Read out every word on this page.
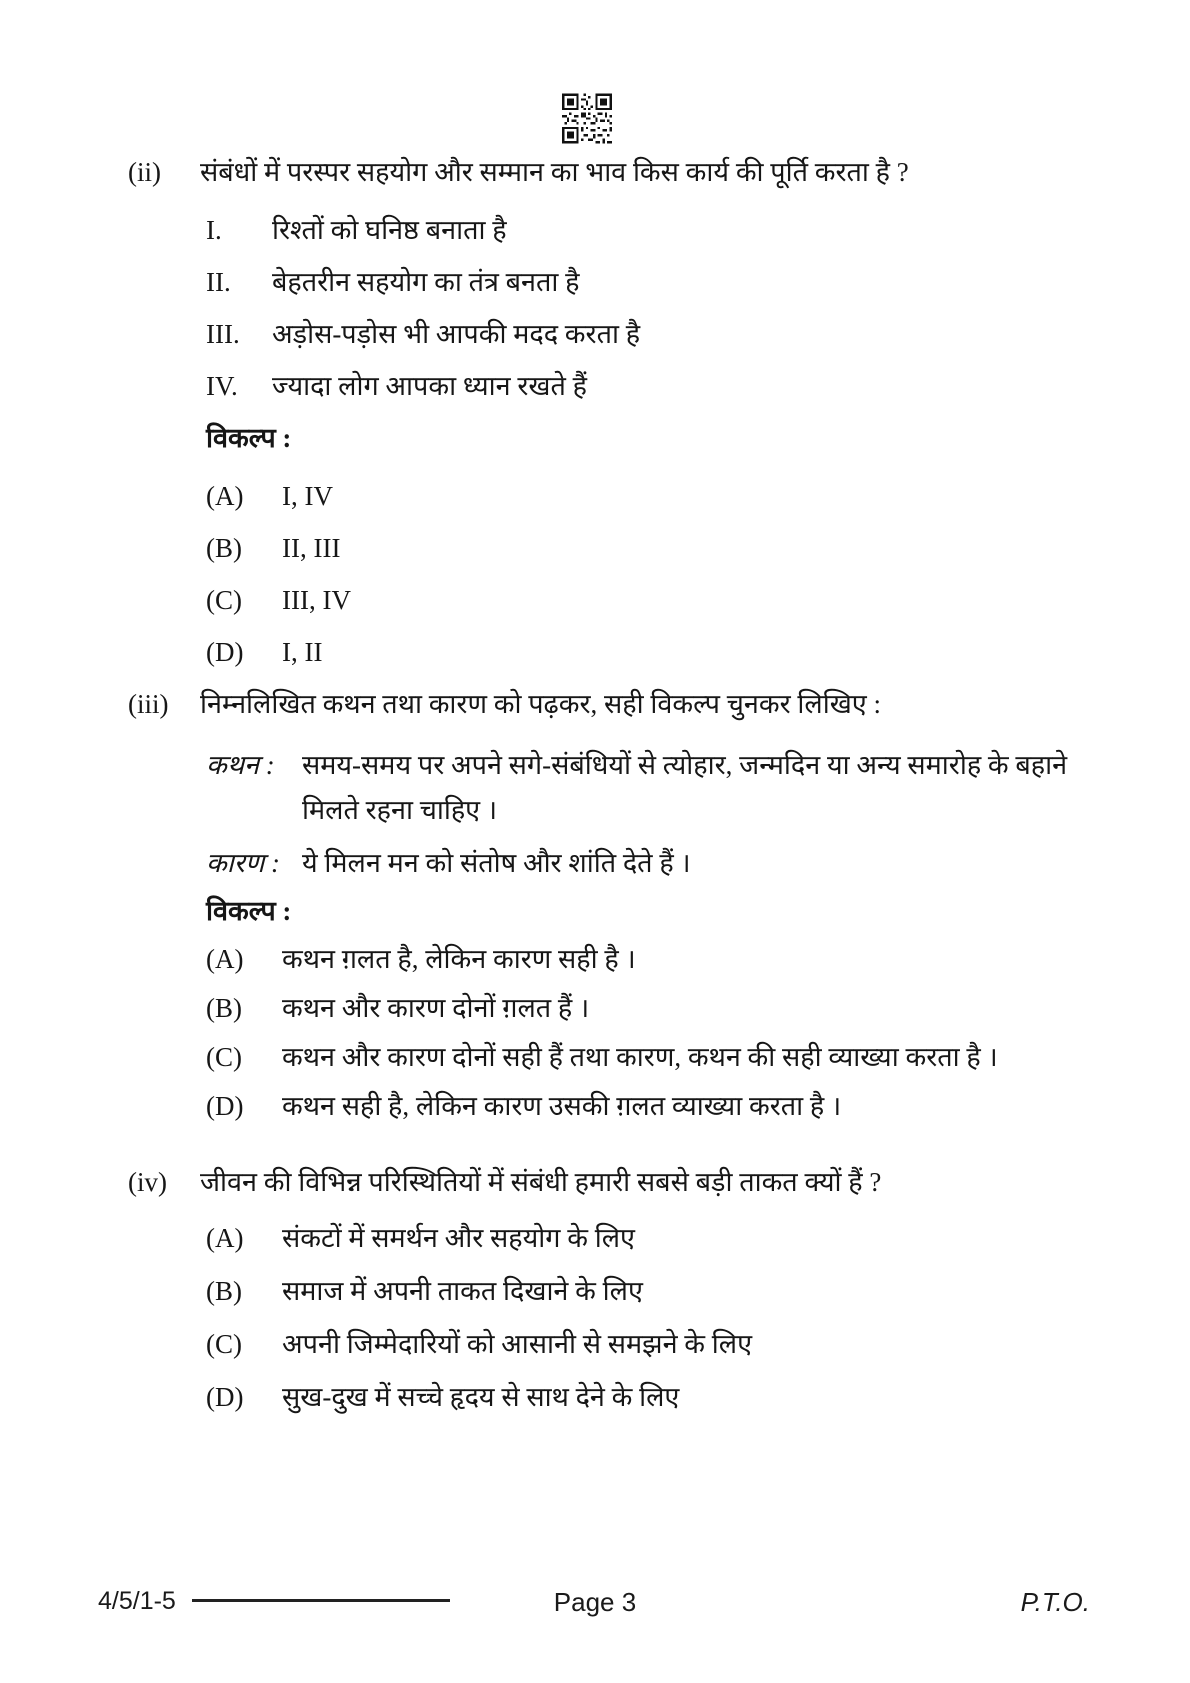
(ii)	संबंधों में परस्पर सहयोग और सम्मान का भाव किस कार्य की पूर्ति करता है ?
I.	रिश्तों को घनिष्ठ बनाता है
II.	बेहतरीन सहयोग का तंत्र बनता है
III.	अड़ोस-पड़ोस भी आपकी मदद करता है
IV.	ज्यादा लोग आपका ध्यान रखते हैं
विकल्प :
(A)	I, IV
(B)	II, III
(C)	III, IV
(D)	I, II
(iii)	निम्नलिखित कथन तथा कारण को पढ़कर, सही विकल्प चुनकर लिखिए :
कथन :	समय-समय पर अपने सगे-संबंधियों से त्योहार, जन्मदिन या अन्य समारोह के बहाने मिलते रहना चाहिए ।
कारण : ये मिलन मन को संतोष और शांति देते हैं ।
विकल्प :
(A)	कथन ग़लत है, लेकिन कारण सही है ।
(B)	कथन और कारण दोनों ग़लत हैं ।
(C)	कथन और कारण दोनों सही हैं तथा कारण, कथन की सही व्याख्या करता है ।
(D)	कथन सही है, लेकिन कारण उसकी ग़लत व्याख्या करता है ।
(iv)	जीवन की विभिन्न परिस्थितियों में संबंधी हमारी सबसे बड़ी ताकत क्यों हैं ?
(A)	संकटों में समर्थन और सहयोग के लिए
(B)	समाज में अपनी ताकत दिखाने के लिए
(C)	अपनी जिम्मेदारियों को आसानी से समझने के लिए
(D)	सुख-दुख में सच्चे हृदय से साथ देने के लिए
4/5/1-5	Page 3	P.T.O.
